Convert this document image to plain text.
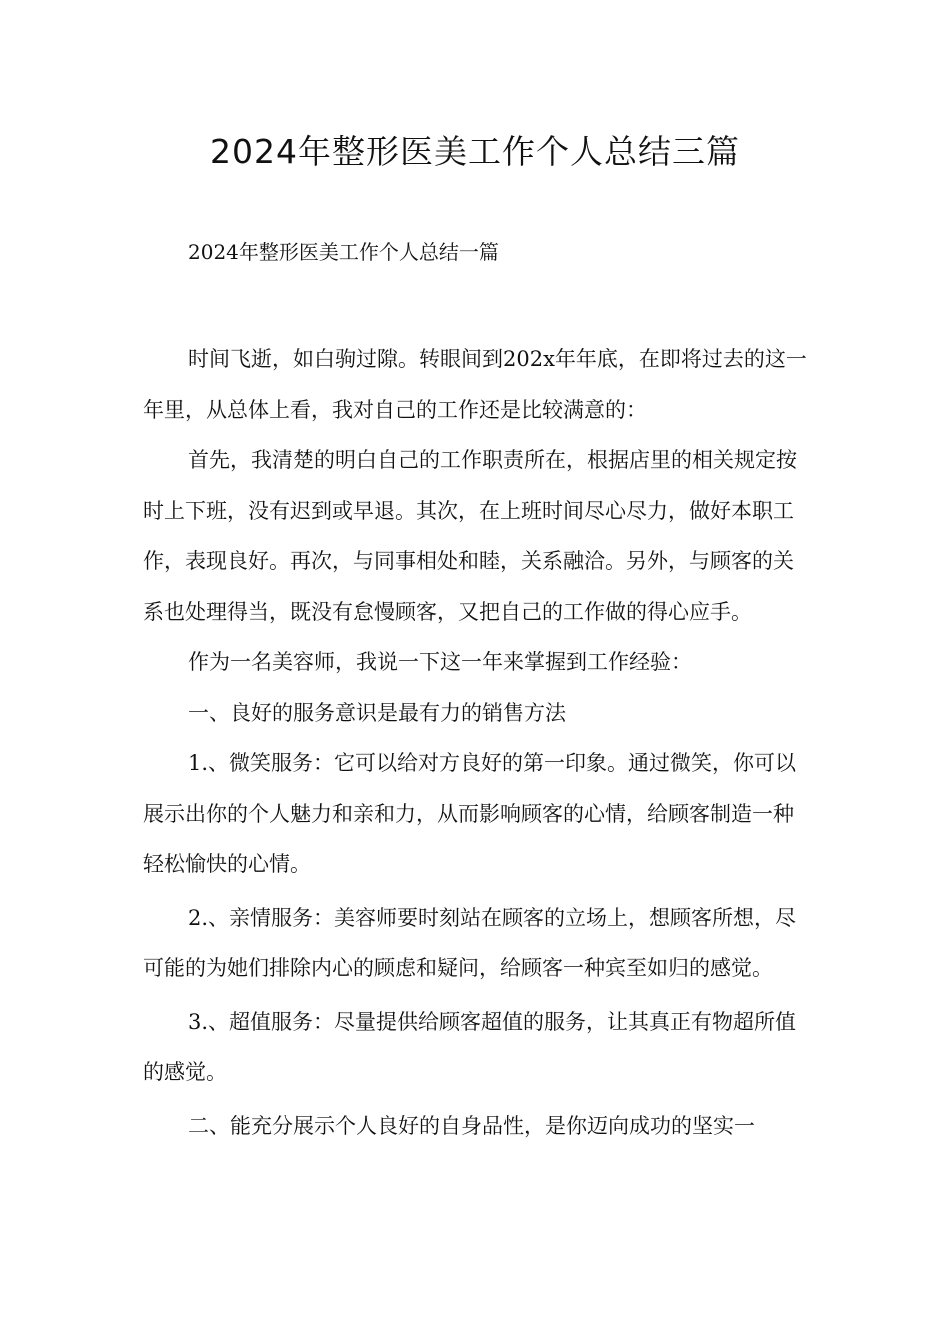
2024年整形医美工作个人总结三篇

2024年整形医美工作个人总结一篇

时间飞逝，如白驹过隙。转眼间到202x年年底，在即将过去的这一年里，从总体上看，我对自己的工作还是比较满意的：

首先，我清楚的明白自己的工作职责所在，根据店里的相关规定按时上下班，没有迟到或早退。其次，在上班时间尽心尽力，做好本职工作，表现良好。再次，与同事相处和睦，关系融洽。另外，与顾客的关系也处理得当，既没有怠慢顾客，又把自己的工作做的得心应手。

作为一名美容师，我说一下这一年来掌握到工作经验：

一、良好的服务意识是最有力的销售方法

1.、微笑服务：它可以给对方良好的第一印象。通过微笑，你可以展示出你的个人魅力和亲和力，从而影响顾客的心情，给顾客制造一种轻松愉快的心情。

2.、亲情服务：美容师要时刻站在顾客的立场上，想顾客所想，尽可能的为她们排除内心的顾虑和疑问，给顾客一种宾至如归的感觉。

3.、超值服务：尽量提供给顾客超值的服务，让其真正有物超所值的感觉。

二、能充分展示个人良好的自身品性，是你迈向成功的坚实一
